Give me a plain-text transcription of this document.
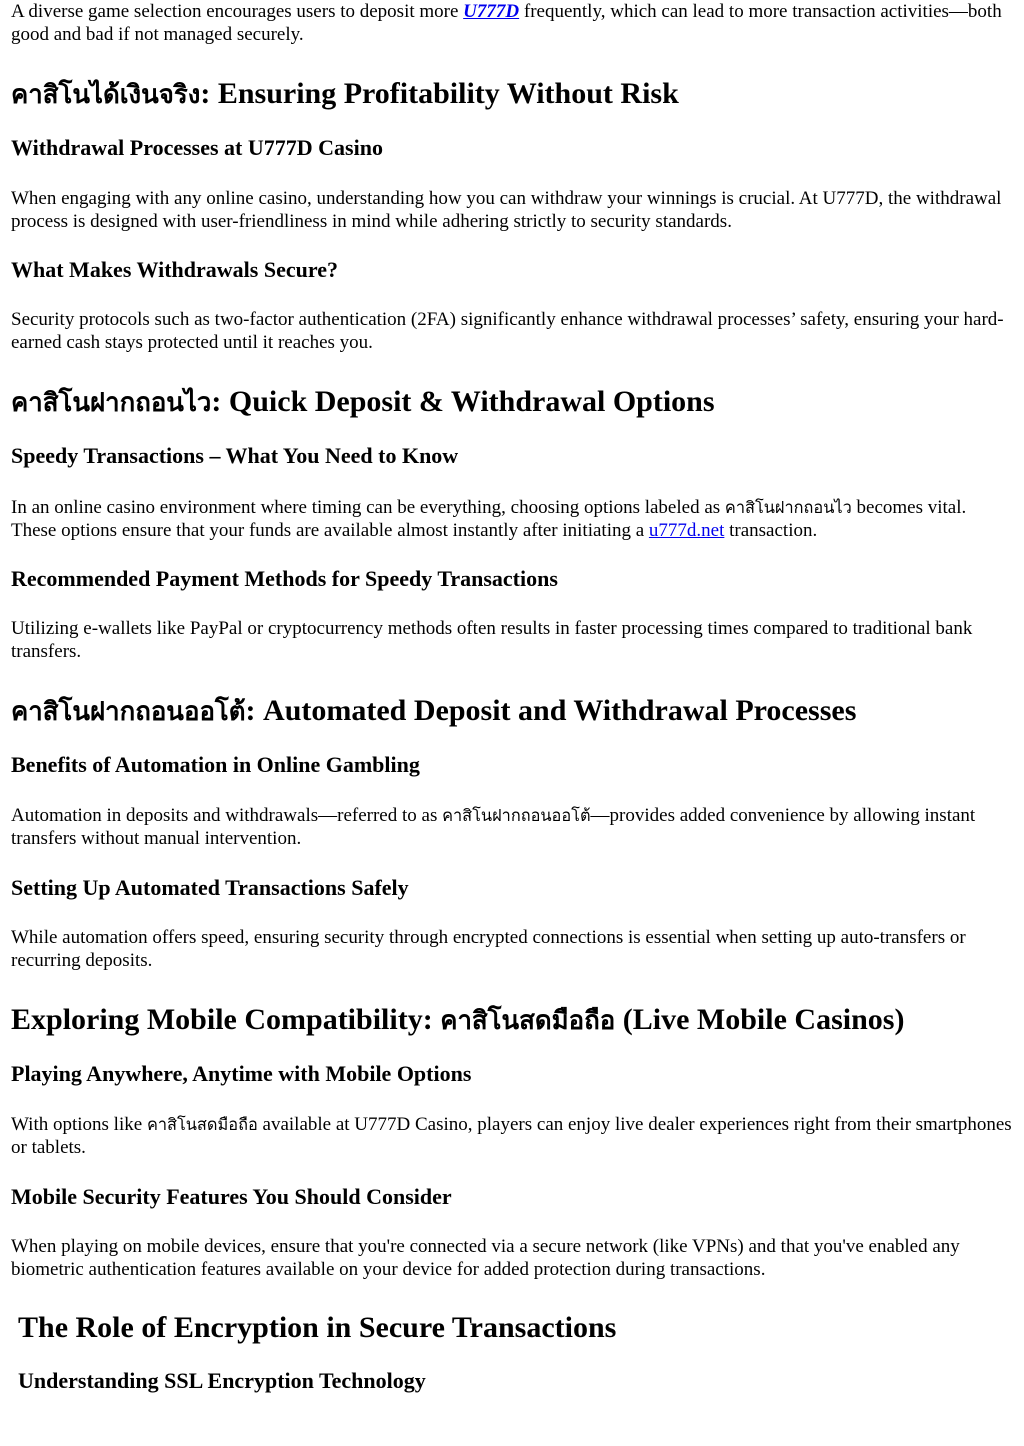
A diverse game selection encourages users to deposit more U777D frequently, which can lead to more transaction activities—both good and bad if not managed securely.

คาสิโนได้เงินจริง: Ensuring Profitability Without Risk
Withdrawal Processes at U777D Casino

When engaging with any online casino, understanding how you can withdraw your winnings is crucial. At U777D, the withdrawal process is designed with user-friendliness in mind while adhering strictly to security standards.

What Makes Withdrawals Secure?

Security protocols such as two-factor authentication (2FA) significantly enhance withdrawal processes’ safety, ensuring your hard-earned cash stays protected until it reaches you.

คาสิโนฝากถอนไว: Quick Deposit & Withdrawal Options
Speedy Transactions – What You Need to Know

In an online casino environment where timing can be everything, choosing options labeled as คาสิโนฝากถอนไว becomes vital. These options ensure that your funds are available almost instantly after initiating a u777d.net transaction.

Recommended Payment Methods for Speedy Transactions

Utilizing e-wallets like PayPal or cryptocurrency methods often results in faster processing times compared to traditional bank transfers.

คาสิโนฝากถอนออโต้: Automated Deposit and Withdrawal Processes
Benefits of Automation in Online Gambling

Automation in deposits and withdrawals—referred to as คาสิโนฝากถอนออโต้—provides added convenience by allowing instant transfers without manual intervention.

Setting Up Automated Transactions Safely

While automation offers speed, ensuring security through encrypted connections is essential when setting up auto-transfers or recurring deposits.

Exploring Mobile Compatibility: คาสิโนสดมือถือ (Live Mobile Casinos)
Playing Anywhere, Anytime with Mobile Options

With options like คาสิโนสดมือถือ available at U777D Casino, players can enjoy live dealer experiences right from their smartphones or tablets.

Mobile Security Features You Should Consider

When playing on mobile devices, ensure that you're connected via a secure network (like VPNs) and that you've enabled any biometric authentication features available on your device for added protection during transactions.

The Role of Encryption in Secure Transactions
Understanding SSL Encryption Technology
